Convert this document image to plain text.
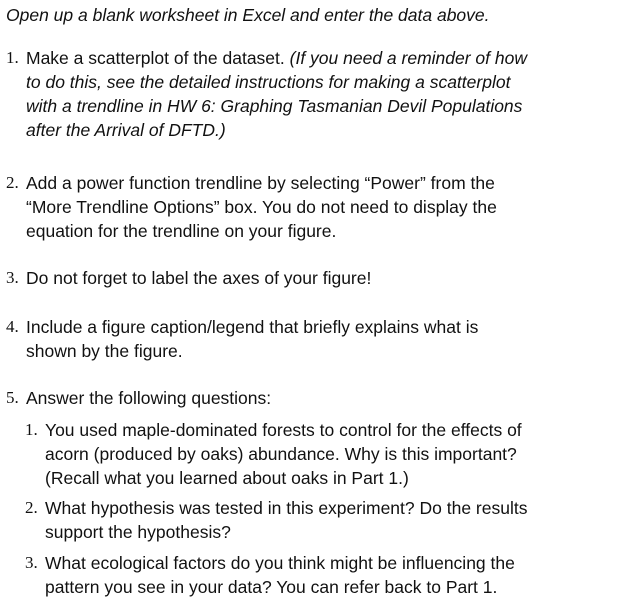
Open up a blank worksheet in Excel and enter the data above.
1. Make a scatterplot of the dataset. (If you need a reminder of how
to do this, see the detailed instructions for making a scatterplot
with a trendline in HW 6: Graphing Tasmanian Devil Populations
after the Arrival of DFTD.)
2. Add a power function trendline by selecting “Power” from the
“More Trendline Options” box. You do not need to display the
equation for the trendline on your figure.
3. Do not forget to label the axes of your figure!
4. Include a figure caption/legend that briefly explains what is
shown by the figure.
5. Answer the following questions:
1. You used maple-dominated forests to control for the effects of
acorn (produced by oaks) abundance. Why is this important?
(Recall what you learned about oaks in Part 1.)
2. What hypothesis was tested in this experiment? Do the results
support the hypothesis?
3. What ecological factors do you think might be influencing the
pattern you see in your data? You can refer back to Part 1.
